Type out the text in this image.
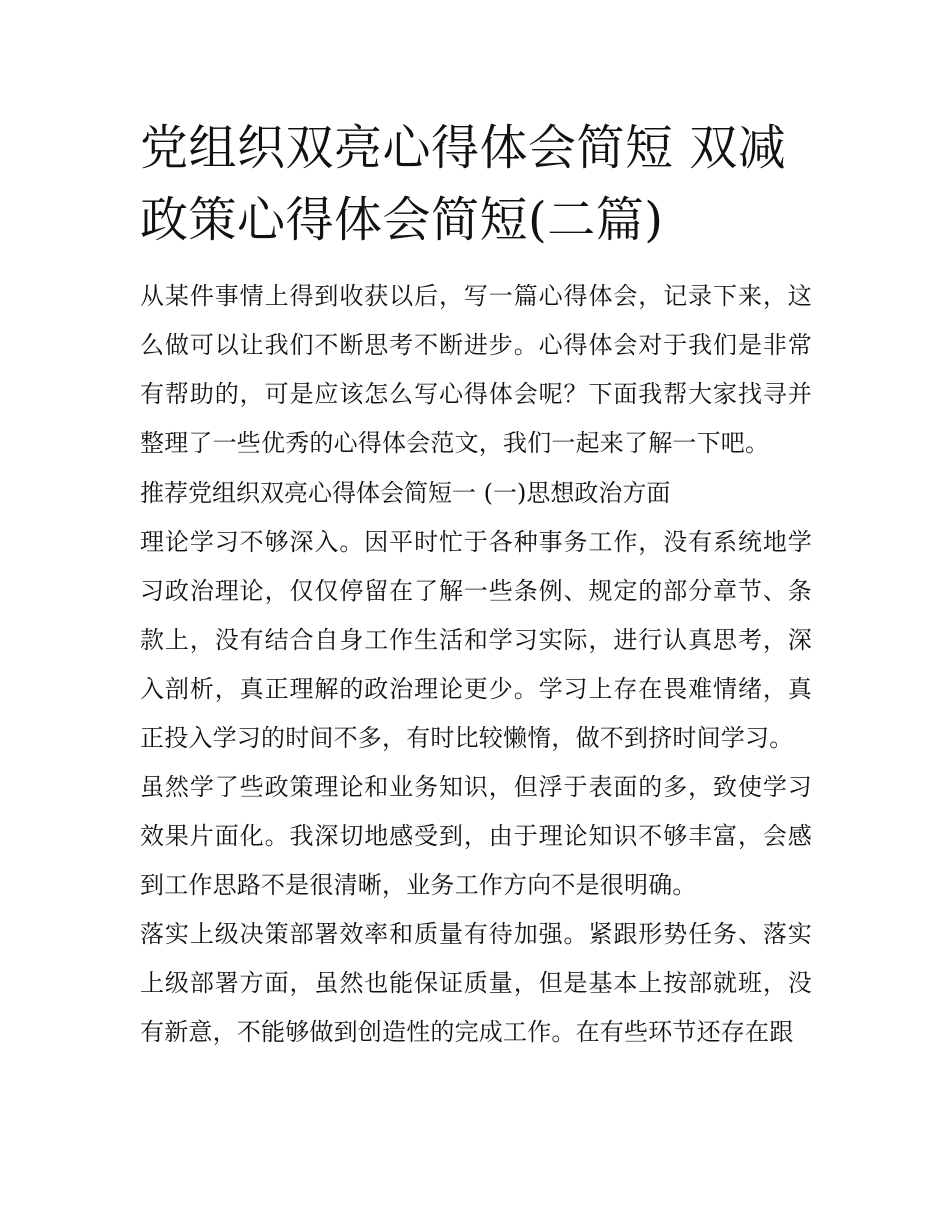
党组织双亮心得体会简短 双减
政策心得体会简短(二篇)

从某件事情上得到收获以后，写一篇心得体会，记录下来，这么做可以让我们不断思考不断进步。心得体会对于我们是非常有帮助的，可是应该怎么写心得体会呢？下面我帮大家找寻并整理了一些优秀的心得体会范文，我们一起来了解一下吧。

推荐党组织双亮心得体会简短一 (一)思想政治方面

理论学习不够深入。因平时忙于各种事务工作，没有系统地学习政治理论，仅仅停留在了解一些条例、规定的部分章节、条款上，没有结合自身工作生活和学习实际，进行认真思考，深入剖析，真正理解的政治理论更少。学习上存在畏难情绪，真正投入学习的时间不多，有时比较懒惰，做不到挤时间学习。

虽然学了些政策理论和业务知识，但浮于表面的多，致使学习效果片面化。我深切地感受到，由于理论知识不够丰富，会感到工作思路不是很清晰，业务工作方向不是很明确。

落实上级决策部署效率和质量有待加强。紧跟形势任务、落实上级部署方面，虽然也能保证质量，但是基本上按部就班，没有新意，不能够做到创造性的完成工作。在有些环节还存在跟
